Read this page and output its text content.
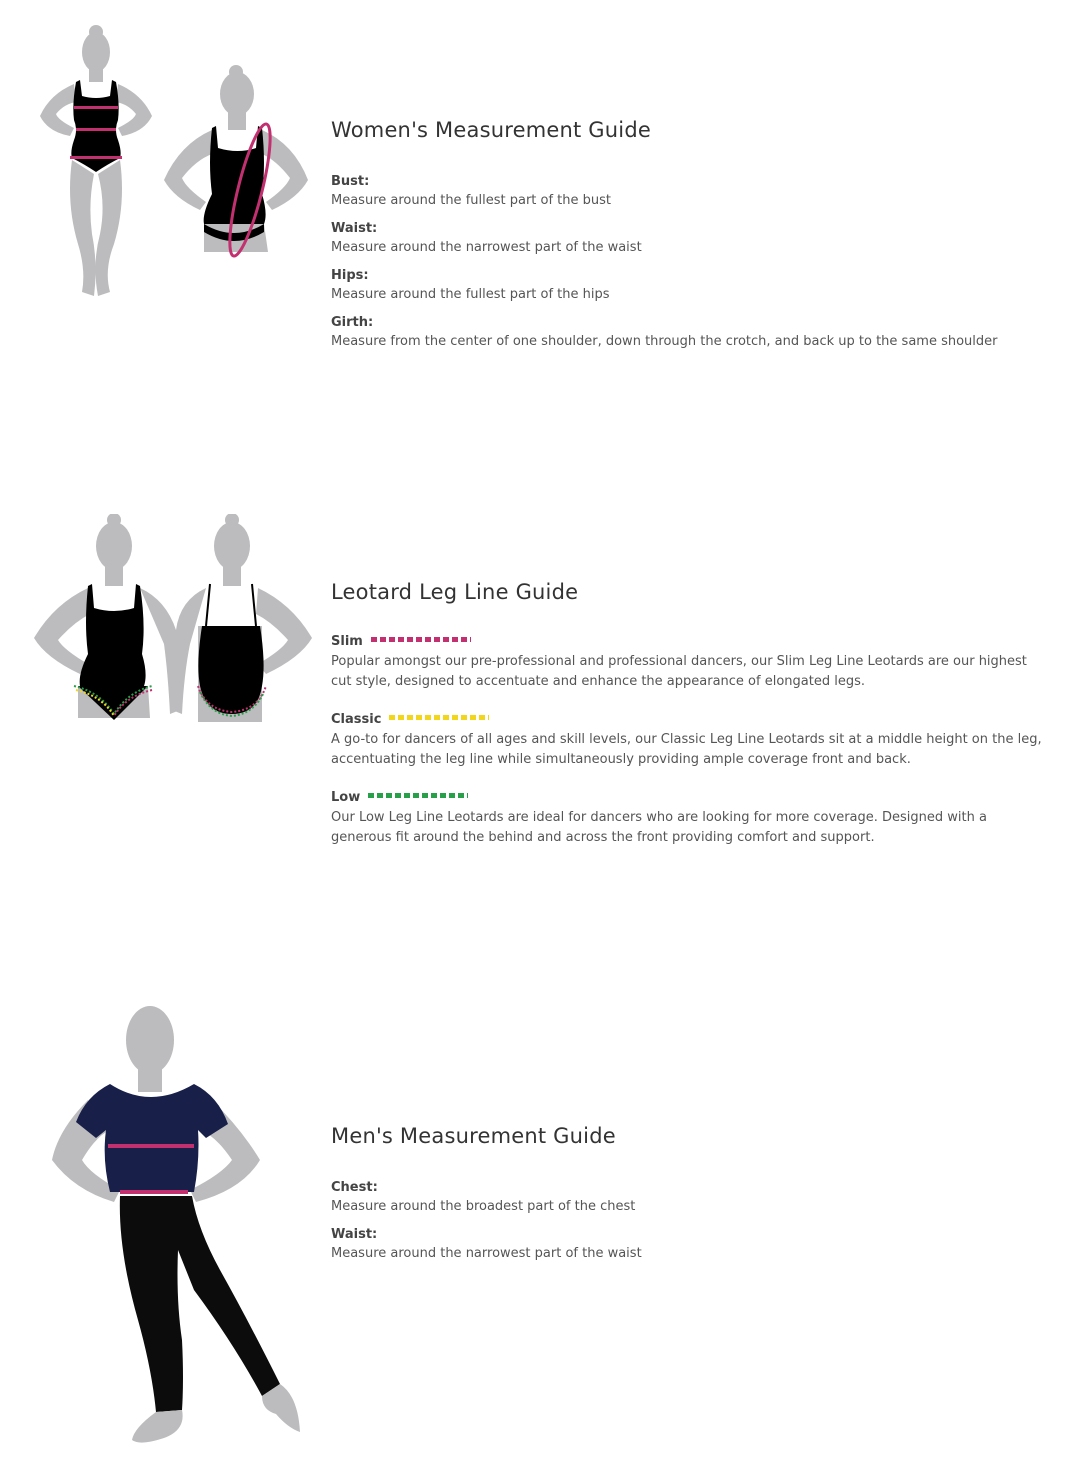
Women's Measurement Guide
Bust:
Measure around the fullest part of the bust
Waist:
Measure around the narrowest part of the waist
Hips:
Measure around the fullest part of the hips
Girth:
Measure from the center of one shoulder, down through the crotch, and back up to the same shoulder
Leotard Leg Line Guide
Slim
Popular amongst our pre-professional and professional dancers, our Slim Leg Line Leotards are our highest cut style, designed to accentuate and enhance the appearance of elongated legs.
Classic
A go-to for dancers of all ages and skill levels, our Classic Leg Line Leotards sit at a middle height on the leg, accentuating the leg line while simultaneously providing ample coverage front and back.
Low
Our Low Leg Line Leotards are ideal for dancers who are looking for more coverage. Designed with a generous fit around the behind and across the front providing comfort and support.
Men's Measurement Guide
Chest:
Measure around the broadest part of the chest
Waist:
Measure around the narrowest part of the waist
